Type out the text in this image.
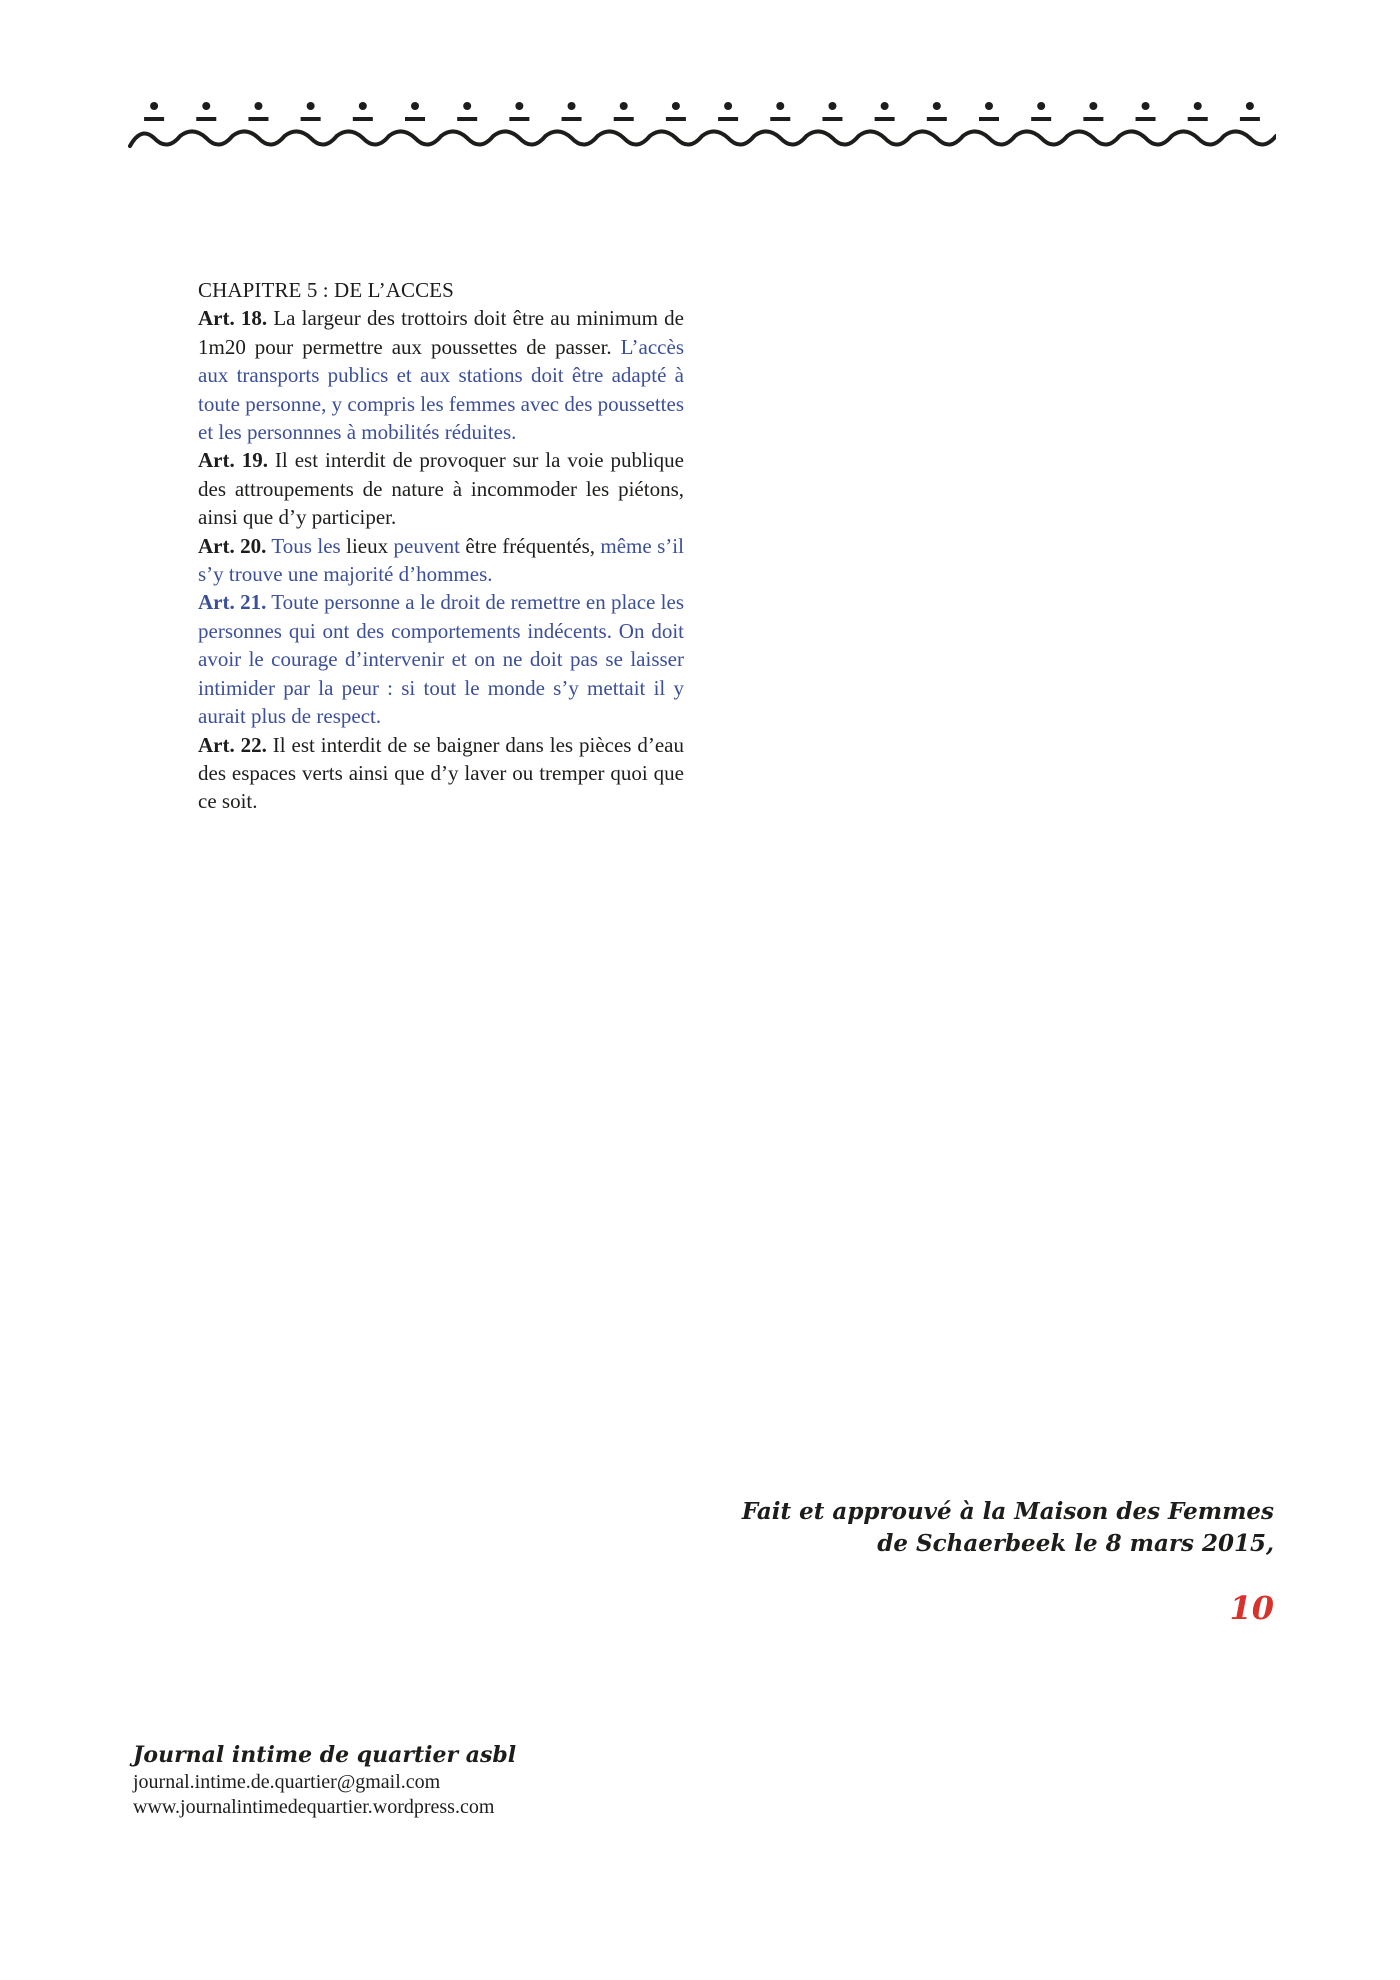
CHAPITRE 5 : DE L’ACCES

Art. 18. La largeur des trottoirs doit être au minimum de 1m20 pour permettre aux poussettes de passer. L’accès aux transports publics et aux stations doit être adapté à toute personne, y compris les femmes avec des poussettes et les personnnes à mobilités réduites.

Art. 19. Il est interdit de provoquer sur la voie publique des attroupements de nature à incommoder les piétons, ainsi que d’y participer.

Art. 20. Tous les lieux peuvent être fréquentés, même s’il s’y trouve une majorité d’hommes.

Art. 21. Toute personne a le droit de remettre en place les personnes qui ont des comportements indécents. On doit avoir le courage d’intervenir et on ne doit pas se laisser intimider par la peur : si tout le monde s’y mettait il y aurait plus de respect.

Art. 22. Il est interdit de se baigner dans les pièces d’eau des espaces verts ainsi que d’y laver ou tremper quoi que ce soit.

Fait et approuvé à la Maison des Femmes
de Schaerbeek le 8 mars 2015,
10
Journal intime de quartier asbl
journal.intime.de.quartier@gmail.com
www.journalintimedequartier.wordpress.com
